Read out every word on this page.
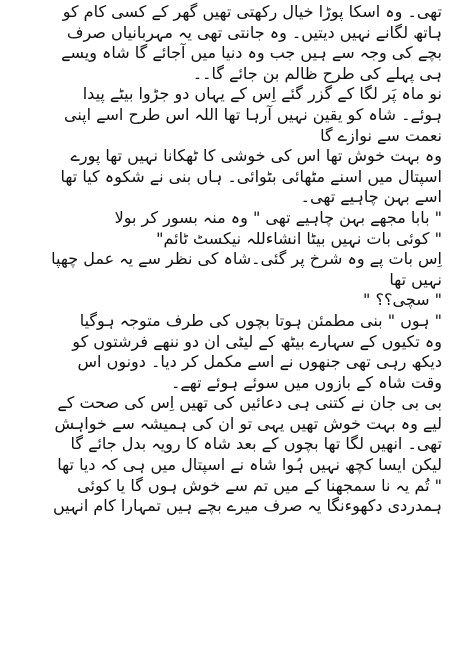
تھی۔ وہ اسکا پوڑا خیال رکھتی تھیں گھر کے کسی کام کو
ہاتھ لگانے نہیں دیتیں۔ وہ جانتی تھی یہ مہربانیاں صرف
بچے کی وجہ سے ہیں جب وہ دنیا میں آجائے گا شاہ ویسے
ہی پہلے کی طرح ظالم بن جائے گا۔۔
نو ماہ پَر لگا کے گزر گئے اِس کے یہاں دو جڑوا بیٹے پیدا
ہوئے۔ شاہ کو یقین نہیں آرہا تھا اللہ اس طرح اسے اپنی
نعمت سے نوازے گا
وہ بہت خوش تھا اس کی خوشی کا ٹھکانا نہیں تھا پورے
اسپتال میں اسنے مٹھائی بٹوائی۔ ہاں بنی نے شکوہ کیا تھا
اسے بہن چاہیے تھی۔
" بابا مجھے بہن چاہیے تھی " وہ منہ بسور کر بولا
" کوئی بات نہیں بیٹا انشاءللہ نیکسٹ ٹائم"
اِس بات پے وہ شرخ پر گئی۔شاہ کی نظر سے یہ عمل چھپا
نہیں تھا
" سچی؟؟ "
" ہوں " بنی مطمئن ہوتا بچوں کی طرف متوجہ ہوگیا
وہ تکیوں کے سہارے بیٹھ کے لیٹی ان دو ننھے فرشتوں کو
دیکھ رہی تھی جنھوں نے اسے مکمل کر دیا۔ دونوں اس
وقت شاہ کے بازوں میں سوئے ہوئے تھے۔
بی بی جان نے کتنی ہی دعائیں کی تھیں اِس کی صحت کے
لیے وہ بہت خوش تھیں یہی تو ان کی ہمیشہ سے خواہش
تھی۔ انھیں لگا تھا بچوں کے بعد شاہ کا رویہ بدل جائے گا
لیکن ایسا کچھ نہیں ہُوا شاہ نے اسپتال میں ہی کہ دیا تھا
" تُم یہ نا سمجھنا کے میں تم سے خوش ہوں گا یا کوئی
ہمدردی دکھوءنگا یہ صرف میرے بچے ہیں تمہارا کام انہیں
